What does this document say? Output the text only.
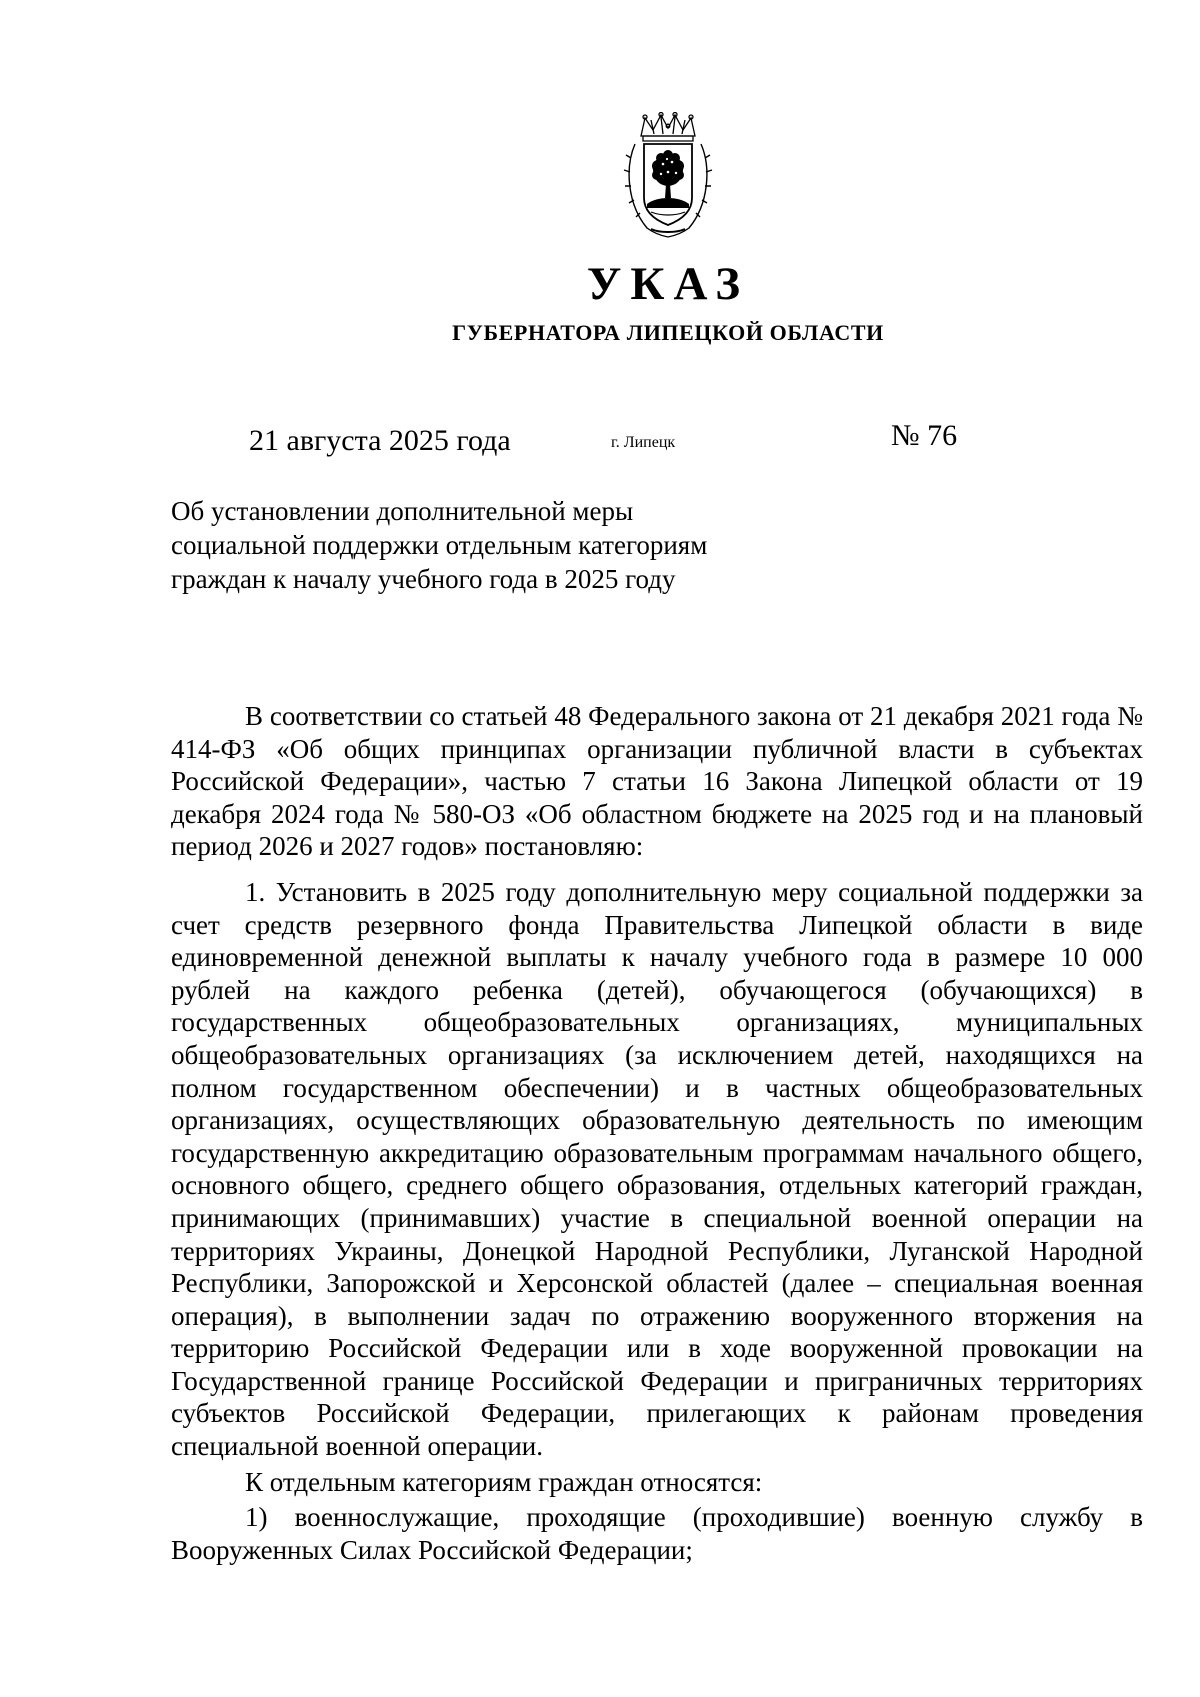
УКАЗ
ГУБЕРНАТОРА ЛИПЕЦКОЙ ОБЛАСТИ
21 августа 2025 года	г. Липецк	№ 76
Об установлении дополнительной меры
социальной поддержки отдельным категориям
граждан к началу учебного года в 2025 году

В соответствии со статьей 48 Федерального закона от 21 декабря 2021 года № 414-ФЗ «Об общих принципах организации публичной власти в субъектах Российской Федерации», частью 7 статьи 16 Закона Липецкой области от 19 декабря 2024 года № 580-ОЗ «Об областном бюджете на 2025 год и на плановый период 2026 и 2027 годов» постановляю:

1. Установить в 2025 году дополнительную меру социальной поддержки за счет средств резервного фонда Правительства Липецкой области в виде единовременной денежной выплаты к началу учебного года в размере 10 000 рублей на каждого ребенка (детей), обучающегося (обучающихся) в государственных общеобразовательных организациях, муниципальных общеобразовательных организациях (за исключением детей, находящихся на полном государственном обеспечении) и в частных общеобразовательных организациях, осуществляющих образовательную деятельность по имеющим государственную аккредитацию образовательным программам начального общего, основного общего, среднего общего образования, отдельных категорий граждан, принимающих (принимавших) участие в специальной военной операции на территориях Украины, Донецкой Народной Республики, Луганской Народной Республики, Запорожской и Херсонской областей (далее – специальная военная операция), в выполнении задач по отражению вооруженного вторжения на территорию Российской Федерации или в ходе вооруженной провокации на Государственной границе Российской Федерации и приграничных территориях субъектов Российской Федерации, прилегающих к районам проведения специальной военной операции.

К отдельным категориям граждан относятся:

1) военнослужащие, проходящие (проходившие) военную службу в Вооруженных Силах Российской Федерации;
